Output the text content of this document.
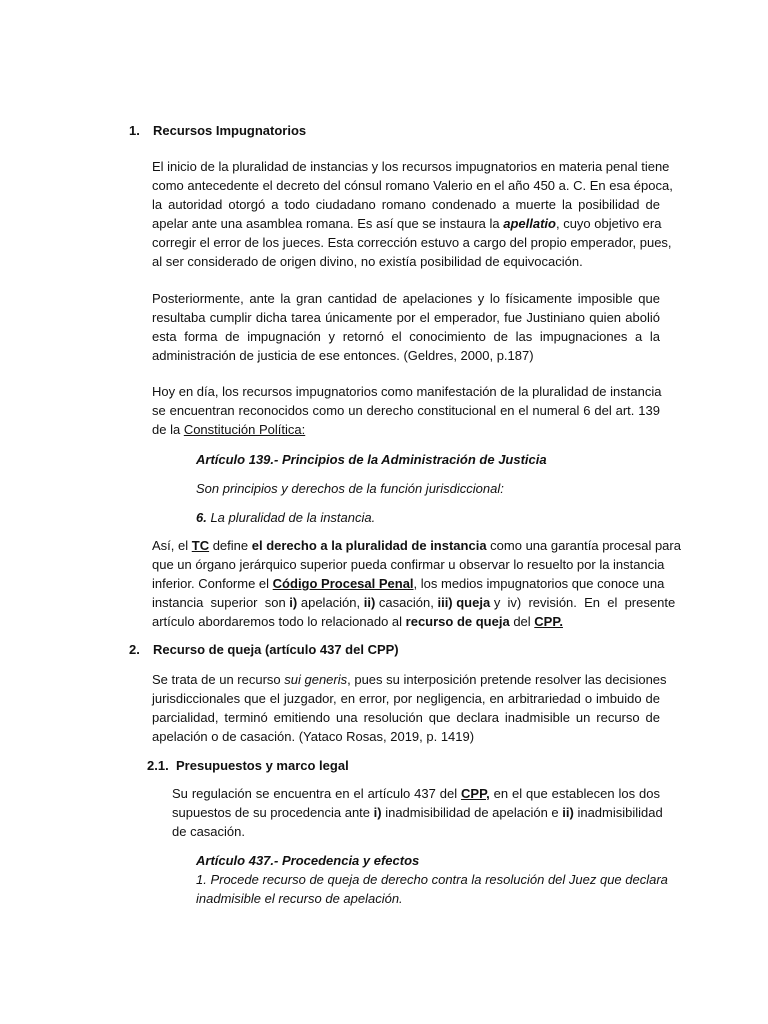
1. Recursos Impugnatorios
El inicio de la pluralidad de instancias y los recursos impugnatorios en materia penal tiene
como antecedente el decreto del cónsul romano Valerio en el año 450 a. C. En esa época,
la autoridad otorgó a todo ciudadano romano condenado a muerte la posibilidad de
apelar ante una asamblea romana. Es así que se instaura la apellatio, cuyo objetivo era
corregir el error de los jueces. Esta corrección estuvo a cargo del propio emperador, pues,
al ser considerado de origen divino, no existía posibilidad de equivocación.
Posteriormente, ante la gran cantidad de apelaciones y lo físicamente imposible que
resultaba cumplir dicha tarea únicamente por el emperador, fue Justiniano quien abolió
esta forma de impugnación y retornó el conocimiento de las impugnaciones a la
administración de justicia de ese entonces. (Geldres, 2000, p.187)
Hoy en día, los recursos impugnatorios como manifestación de la pluralidad de instancia
se encuentran reconocidos como un derecho constitucional en el numeral 6 del art. 139
de la Constitución Política:
Artículo 139.- Principios de la Administración de Justicia
Son principios y derechos de la función jurisdiccional:
6. La pluralidad de la instancia.
Así, el TC define el derecho a la pluralidad de instancia como una garantía procesal para
que un órgano jerárquico superior pueda confirmar u observar lo resuelto por la instancia
inferior. Conforme el Código Procesal Penal, los medios impugnatorios que conoce una
instancia  superior  son i) apelación, ii) casación, iii) queja y  iv)  revisión.  En  el  presente
artículo abordaremos todo lo relacionado al recurso de queja del CPP.
2. Recurso de queja (artículo 437 del CPP)
Se trata de un recurso sui generis, pues su interposición pretende resolver las decisiones
jurisdiccionales que el juzgador, en error, por negligencia, en arbitrariedad o imbuido de
parcialidad, terminó emitiendo una resolución que declara inadmisible un recurso de
apelación o de casación. (Yataco Rosas, 2019, p. 1419)
2.1. Presupuestos y marco legal
Su regulación se encuentra en el artículo 437 del CPP, en el que establecen los dos
supuestos de su procedencia ante i) inadmisibilidad de apelación e ii) inadmisibilidad
de casación.
Artículo 437.- Procedencia y efectos
1. Procede recurso de queja de derecho contra la resolución del Juez que declara
inadmisible el recurso de apelación.
